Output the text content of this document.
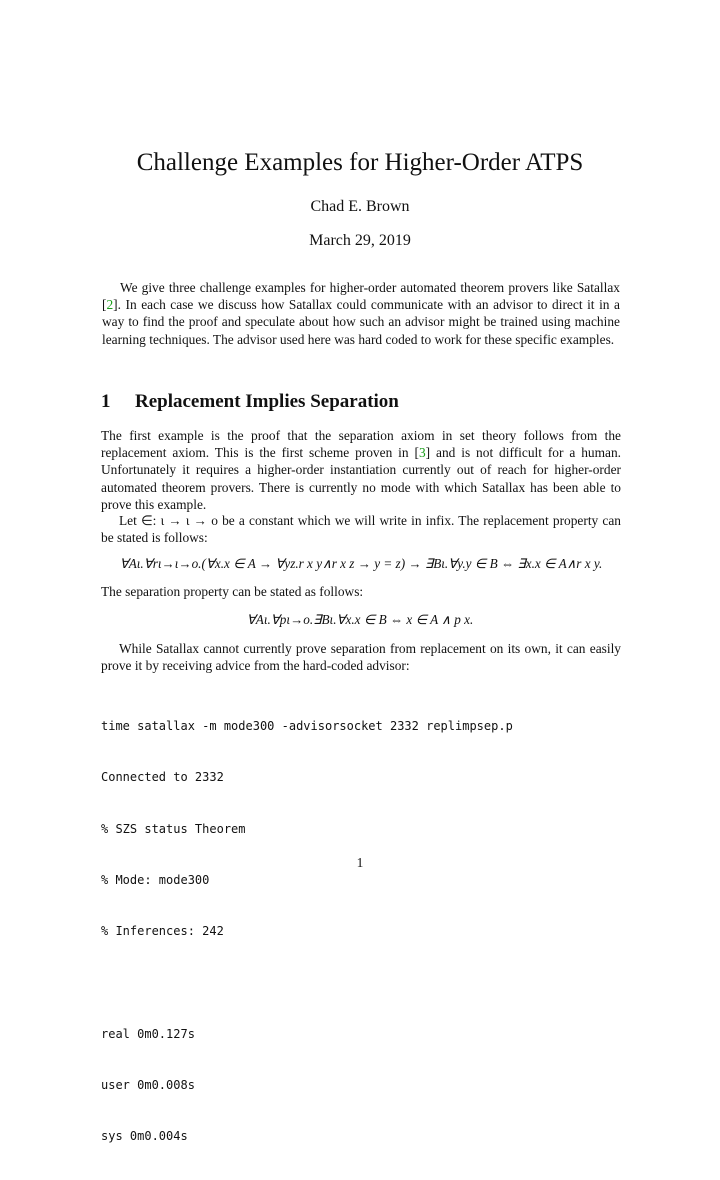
Challenge Examples for Higher-Order ATPS
Chad E. Brown
March 29, 2019

We give three challenge examples for higher-order automated theorem provers like Satallax [2]. In each case we discuss how Satallax could communicate with an advisor to direct it in a way to find the proof and speculate about how such an advisor might be trained using machine learning techniques. The advisor used here was hard coded to work for these specific examples.

1 Replacement Implies Separation

The first example is the proof that the separation axiom in set theory follows from the replacement axiom. This is the first scheme proven in [3] and is not difficult for a human. Unfortunately it requires a higher-order instantiation currently out of reach for higher-order automated theorem provers. There is currently no mode with which Satallax has been able to prove this example.

Let ∈: ι → ι → o be a constant which we will write in infix. The replacement property can be stated is follows:

∀Aι.∀rι→ι→o.(∀x.x ∈ A → ∀yz.r x y∧r x z → y = z) → ∃Bι.∀y.y ∈ B ⇔ ∃x.x ∈ A∧r x y.

The separation property can be stated as follows:

∀Aι.∀pι→o.∃Bι.∀x.x ∈ B ⇔ x ∈ A ∧ p x.

While Satallax cannot currently prove separation from replacement on its own, it can easily prove it by receiving advice from the hard-coded advisor:

time satallax -m mode300 -advisorsocket 2332 replimpsep.p

Connected to 2332

% SZS status Theorem

% Mode: mode300

% Inferences: 242

real 0m0.127s

user 0m0.008s

sys 0m0.004s

1
